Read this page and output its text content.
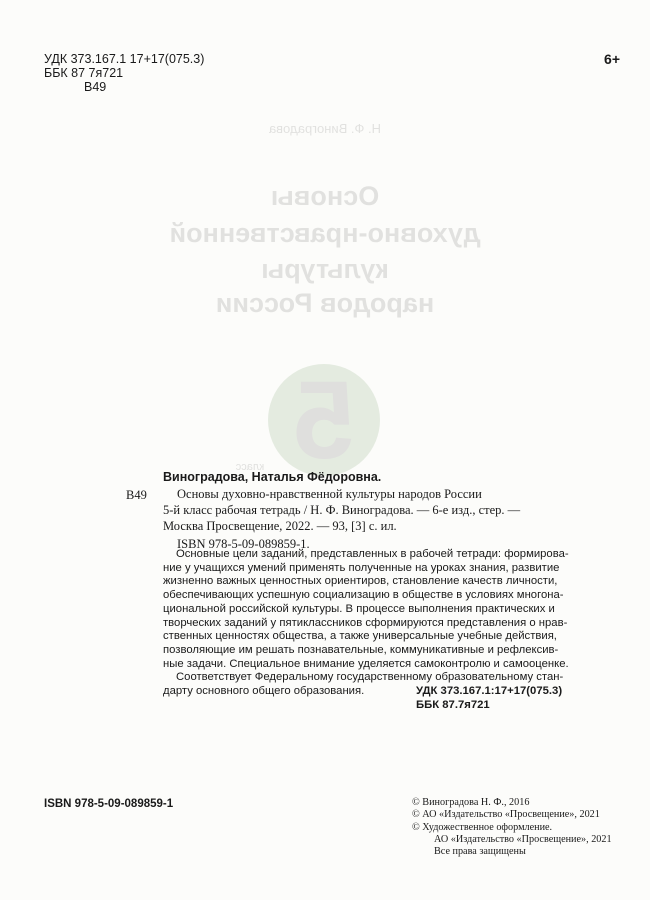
Н. Ф. Виноградова
Основы
духовно-нравственной
культуры
народов России
5
класс
УДК 373.167.1 17+17(075.3)
ББК 87 7я721
В49
6+
Виноградова, Наталья Фёдоровна.
В49	Основы духовно-нравственной культуры народов России
5-й класс рабочая тетрадь / Н. Ф. Виноградова. — 6-е изд., стер. —
Москва Просвещение, 2022. — 93, [3] с. ил.
ISBN 978-5-09-089859-1.
Основные цели заданий, представленных в рабочей тетради: формирова-
ние у учащихся умений применять полученные на уроках знания, развитие
жизненно важных ценностных ориентиров, становление качеств личности,
обеспечивающих успешную социализацию в обществе в условиях многона-
циональной российской культуры. В процессе выполнения практических и
творческих заданий у пятиклассников сформируются представления о нрав-
ственных ценностях общества, а также универсальные учебные действия,
позволяющие им решать познавательные, коммуникативные и рефлексив-
ные задачи. Специальное внимание уделяется самоконтролю и самооценке.
Соответствует Федеральному государственному образовательному стан-
дарту основного общего образования.	УДК 373.167.1:17+17(075.3)
ББК 87.7я721
ISBN 978-5-09-089859-1	© Виноградова Н. Ф., 2016
© АО «Издательство «Просвещение», 2021
© Художественное оформление.
АО «Издательство «Просвещение», 2021
Все права защищены
